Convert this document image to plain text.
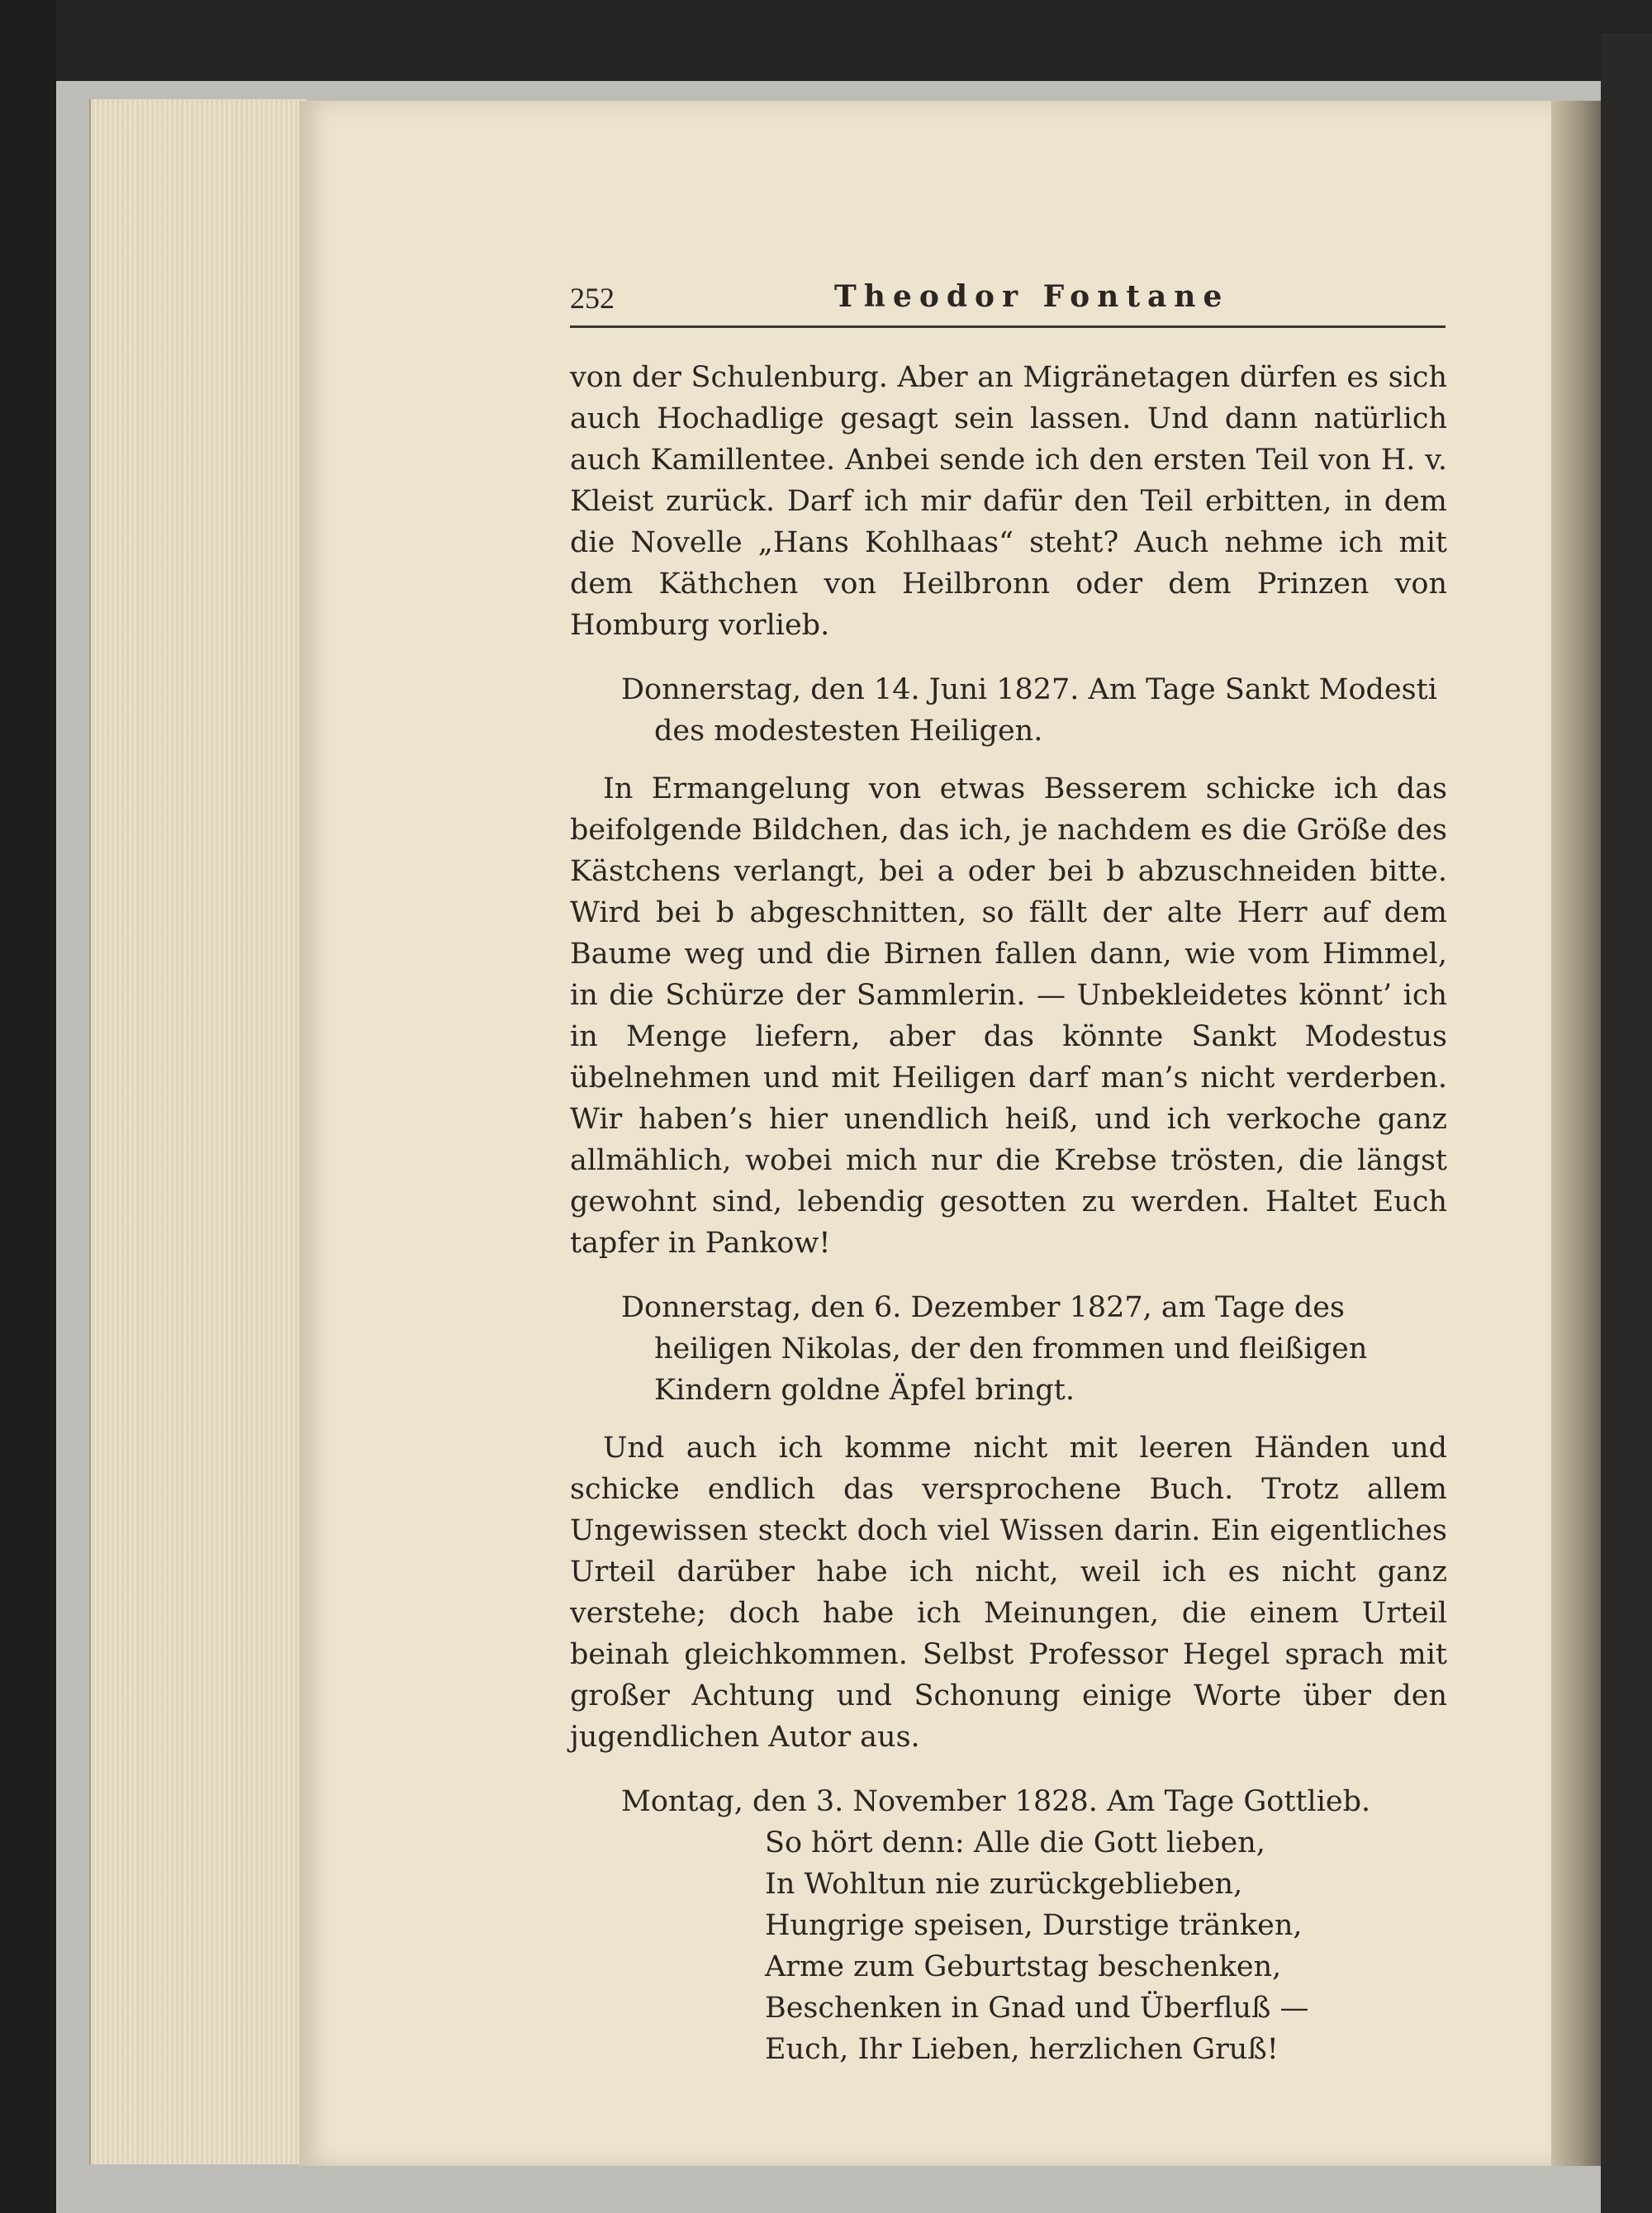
252	Theodor Fontane

von der Schulenburg. Aber an Migränetagen dürfen es sich auch Hochadlige gesagt sein lassen. Und dann natürlich auch Kamillentee. Anbei sende ich den ersten Teil von H. v. Kleist zurück. Darf ich mir dafür den Teil erbitten, in dem die Novelle „Hans Kohlhaas“ steht? Auch nehme ich mit dem Käthchen von Heilbronn oder dem Prinzen von Homburg vorlieb.

Donnerstag, den 14. Juni 1827. Am Tage Sankt Modesti des modestesten Heiligen.

In Ermangelung von etwas Besserem schicke ich das beifolgende Bildchen, das ich, je nachdem es die Größe des Kästchens verlangt, bei a oder bei b abzuschneiden bitte. Wird bei b abgeschnitten, so fällt der alte Herr auf dem Baume weg und die Birnen fallen dann, wie vom Himmel, in die Schürze der Sammlerin. — Unbekleidetes könnt’ ich in Menge liefern, aber das könnte Sankt Modestus übelnehmen und mit Heiligen darf man’s nicht verderben. Wir haben’s hier unendlich heiß, und ich verkoche ganz allmählich, wobei mich nur die Krebse trösten, die längst gewohnt sind, lebendig gesotten zu werden. Haltet Euch tapfer in Pankow!

Donnerstag, den 6. Dezember 1827, am Tage des heiligen Nikolas, der den frommen und fleißigen Kindern goldne Äpfel bringt.

Und auch ich komme nicht mit leeren Händen und schicke endlich das versprochene Buch. Trotz allem Ungewissen steckt doch viel Wissen darin. Ein eigentliches Urteil darüber habe ich nicht, weil ich es nicht ganz verstehe; doch habe ich Meinungen, die einem Urteil beinah gleichkommen. Selbst Professor Hegel sprach mit großer Achtung und Schonung einige Worte über den jugendlichen Autor aus.

Montag, den 3. November 1828. Am Tage Gottlieb.

So hört denn: Alle die Gott lieben,
In Wohltun nie zurückgeblieben,
Hungrige speisen, Durstige tränken,
Arme zum Geburtstag beschenken,
Beschenken in Gnad und Überfluß —
Euch, Ihr Lieben, herzlichen Gruß!
